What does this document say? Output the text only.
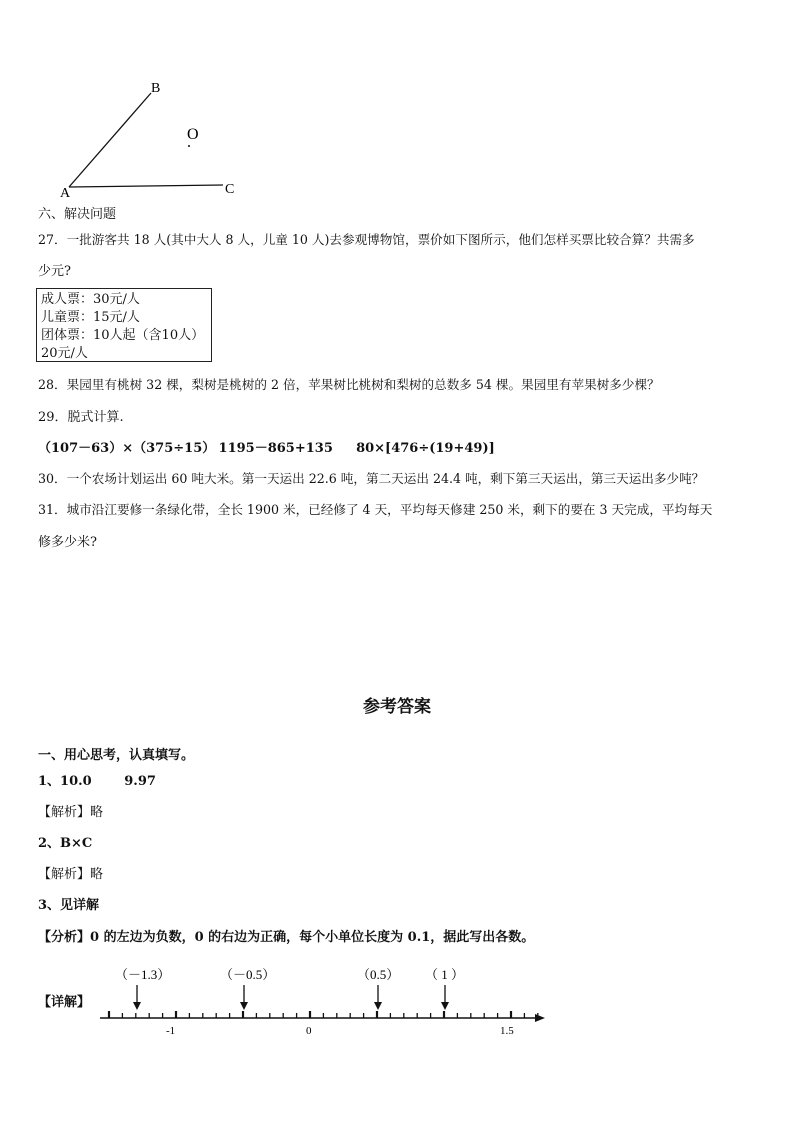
B
O
A	C
六、解决问题
27．一批游客共 18 人(其中大人 8 人，儿童 10 人)去参观博物馆，票价如下图所示，他们怎样买票比较合算？共需多
少元?
成人票：30元/人
儿童票：15元/人
团体票：10人起（含10人）
20元/人
28．果园里有桃树 32 棵，梨树是桃树的 2 倍，苹果树比桃树和梨树的总数多 54 棵。果园里有苹果树多少棵？
29．脱式计算.
（107－63）×（375÷15） 1195－865+135 80×[476÷(19+49)]
30．一个农场计划运出 60 吨大米。第一天运出 22.6 吨，第二天运出 24.4 吨，剩下第三天运出，第三天运出多少吨？
31．城市沿江要修一条绿化带，全长 1900 米，已经修了 4 天，平均每天修建 250 米，剩下的要在 3 天完成，平均每天
修多少米?
参考答案
一、用心思考，认真填写。
1、10.0	9.97
【解析】略
2、B×C
【解析】略
3、见详解
【分析】0 的左边为负数，0 的右边为正确，每个小单位长度为 0.1，据此写出各数。
【详解】
（－1.3）	（－0.5）	（0.5） （ 1 ）
-1	0	1.5
